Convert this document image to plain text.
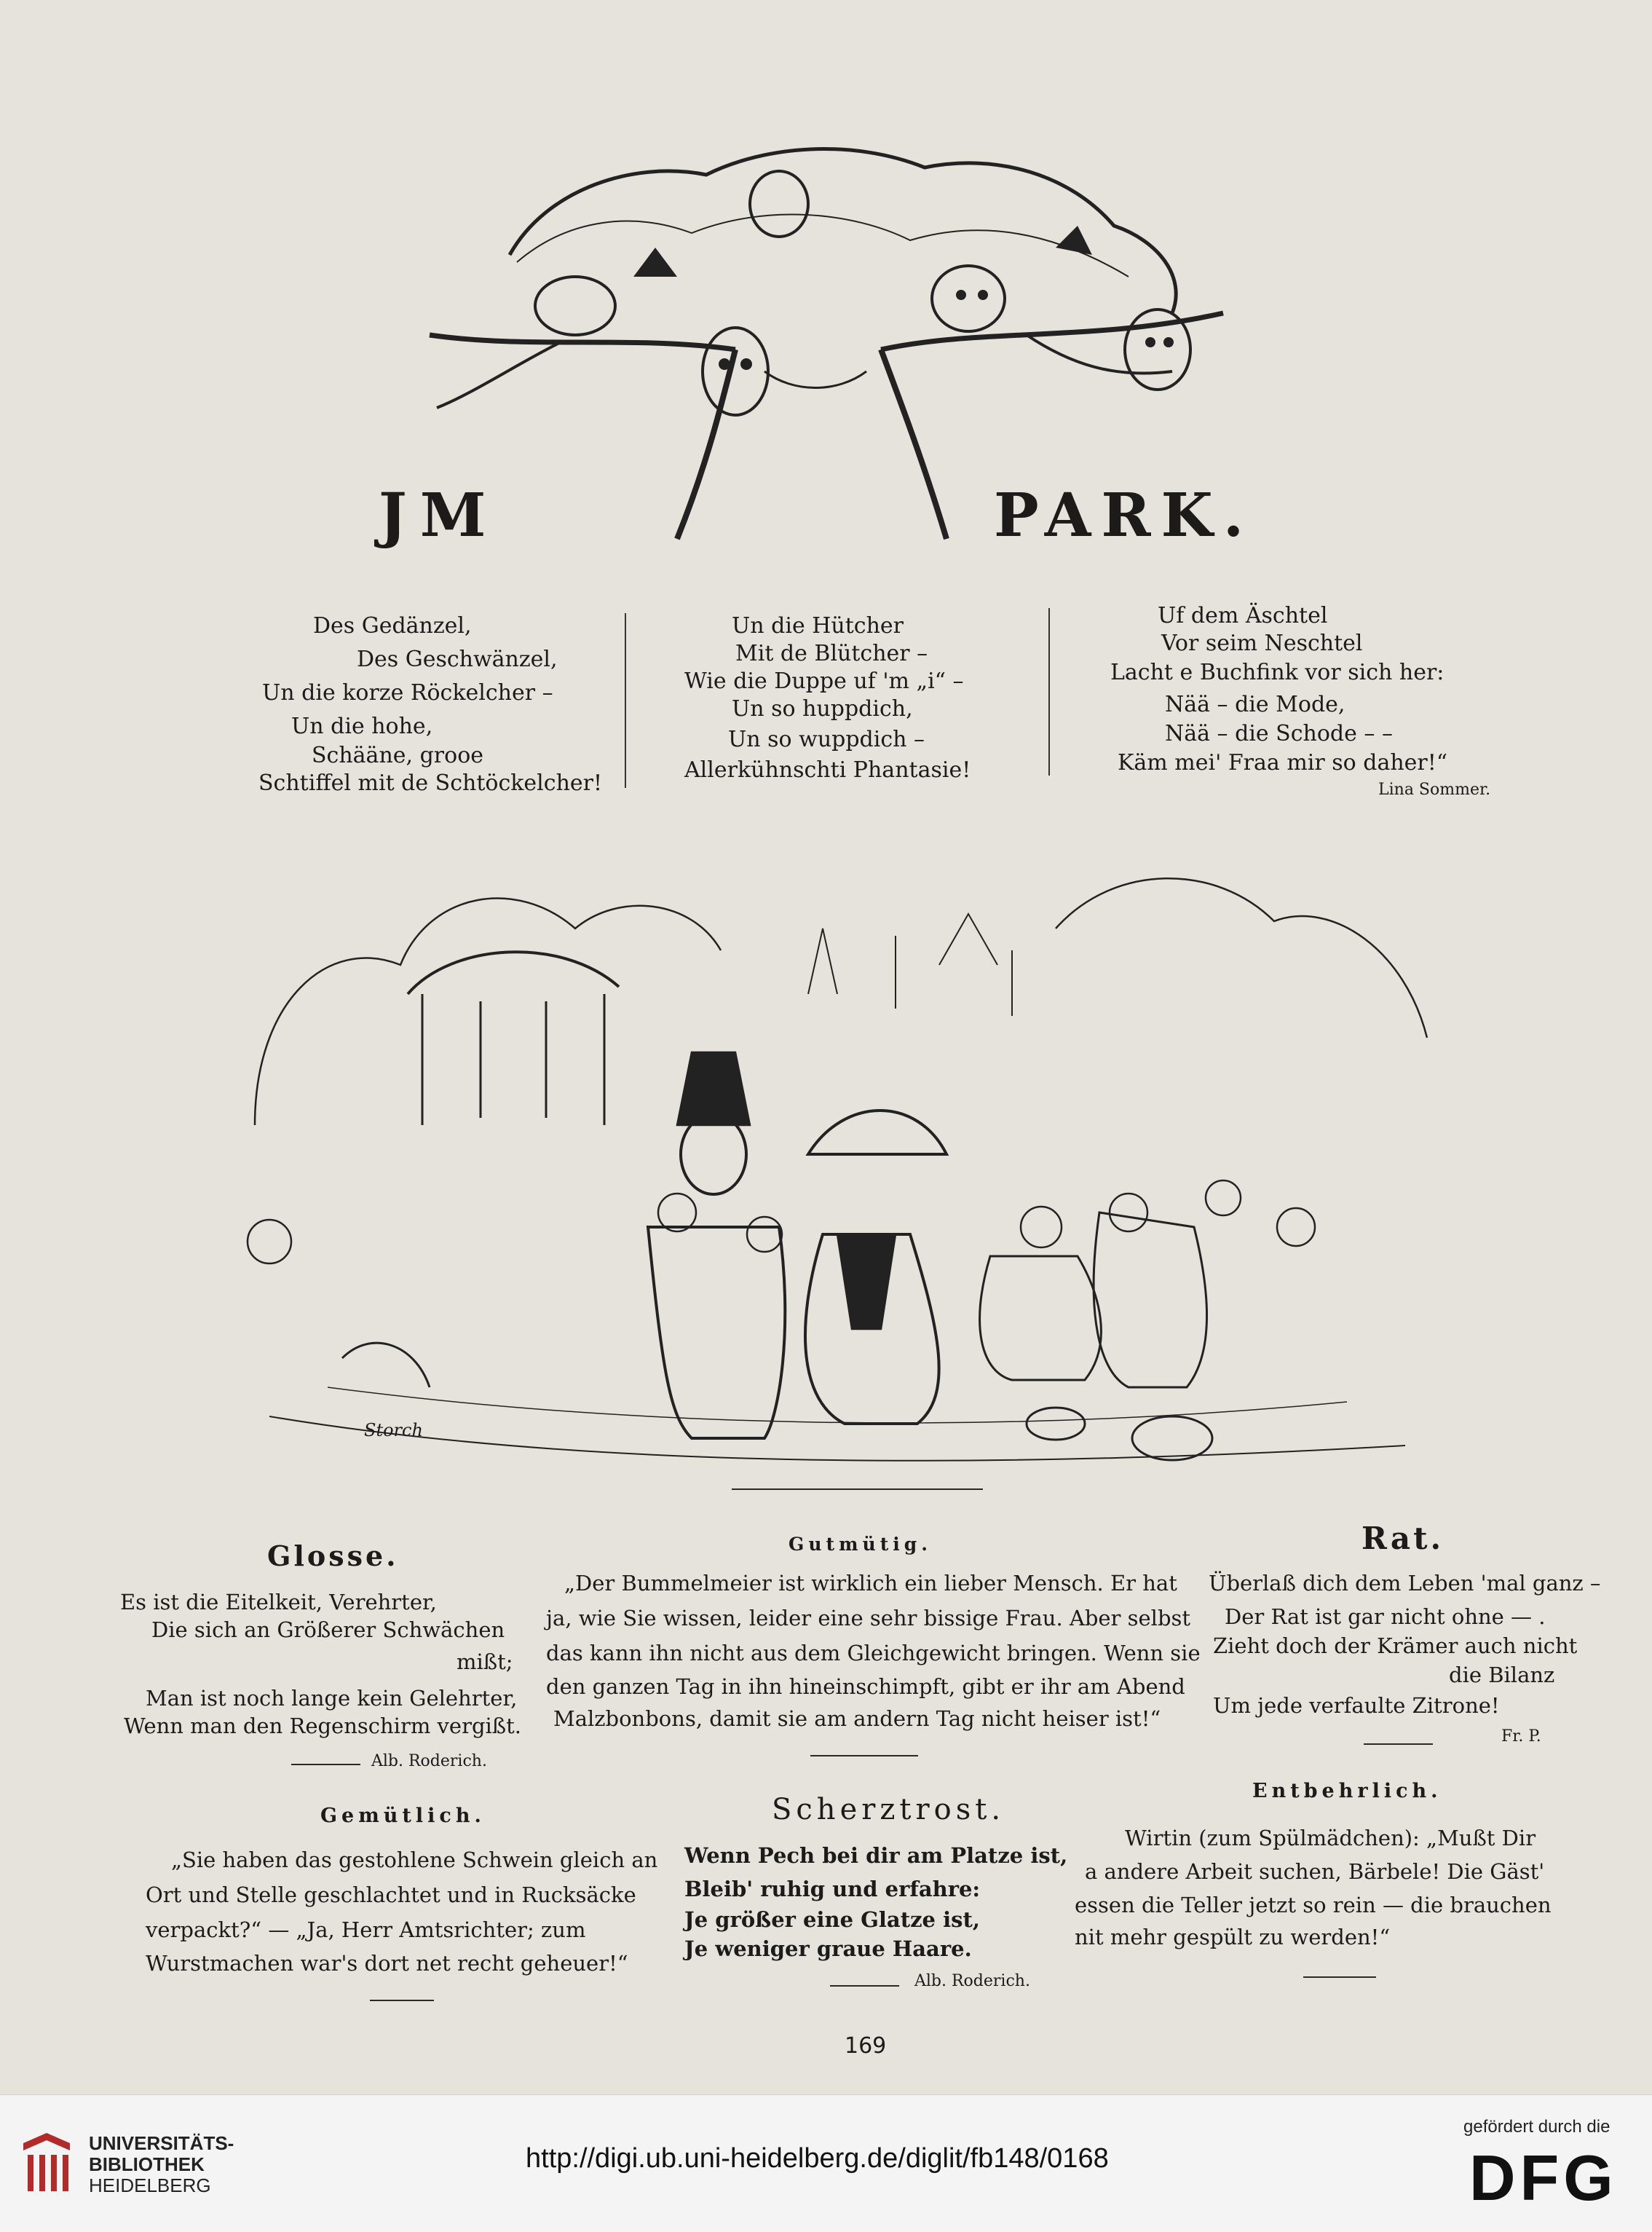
JM	PARK.
Des Gedänzel,
Des Geschwänzel,
Un die korze Röckelcher –
Un die hohe,
Schääne, grooe
Schtiffel mit de Schtöckelcher!
Un die Hütcher
Mit de Blütcher –
Wie die Duppe uf 'm „i“ –
Un so huppdich,
Un so wuppdich –
Allerkühnschti Phantasie!
Uf dem Äschtel
Vor seim Neschtel
Lacht e Buchfink vor sich her:
Nää – die Mode,
Nää – die Schode – –
Käm mei' Fraa mir so daher!“
Lina Sommer.
Storch
Glosse.
Es ist die Eitelkeit, Verehrter,
Die sich an Größerer Schwächen
mißt;
Man ist noch lange kein Gelehrter,
Wenn man den Regenschirm vergißt.
Alb. Roderich.
Gutmütig.
„Der Bummelmeier ist wirklich ein lieber Mensch. Er hat
ja, wie Sie wissen, leider eine sehr bissige Frau. Aber selbst
das kann ihn nicht aus dem Gleichgewicht bringen. Wenn sie
den ganzen Tag in ihn hineinschimpft, gibt er ihr am Abend
Malzbonbons, damit sie am andern Tag nicht heiser ist!“
Rat.
Überlaß dich dem Leben 'mal ganz –
Der Rat ist gar nicht ohne — .
Zieht doch der Krämer auch nicht
die Bilanz
Um jede verfaulte Zitrone!
Fr. P.
Gemütlich.
„Sie haben das gestohlene Schwein gleich an
Ort und Stelle geschlachtet und in Rucksäcke
verpackt?“ — „Ja, Herr Amtsrichter; zum
Wurstmachen war's dort net recht geheuer!“
Scherztrost.
Wenn Pech bei dir am Platze ist,
Bleib' ruhig und erfahre:
Je größer eine Glatze ist,
Je weniger graue Haare.
Alb. Roderich.
Entbehrlich.
Wirtin (zum Spülmädchen): „Mußt Dir
a andere Arbeit suchen, Bärbele! Die Gäst'
essen die Teller jetzt so rein — die brauchen
nit mehr gespült zu werden!“
169
UNIVERSITÄTS-
BIBLIOTHEK
HEIDELBERG
http://digi.ub.uni-heidelberg.de/diglit/fb148/0168
gefördert durch die
DFG
